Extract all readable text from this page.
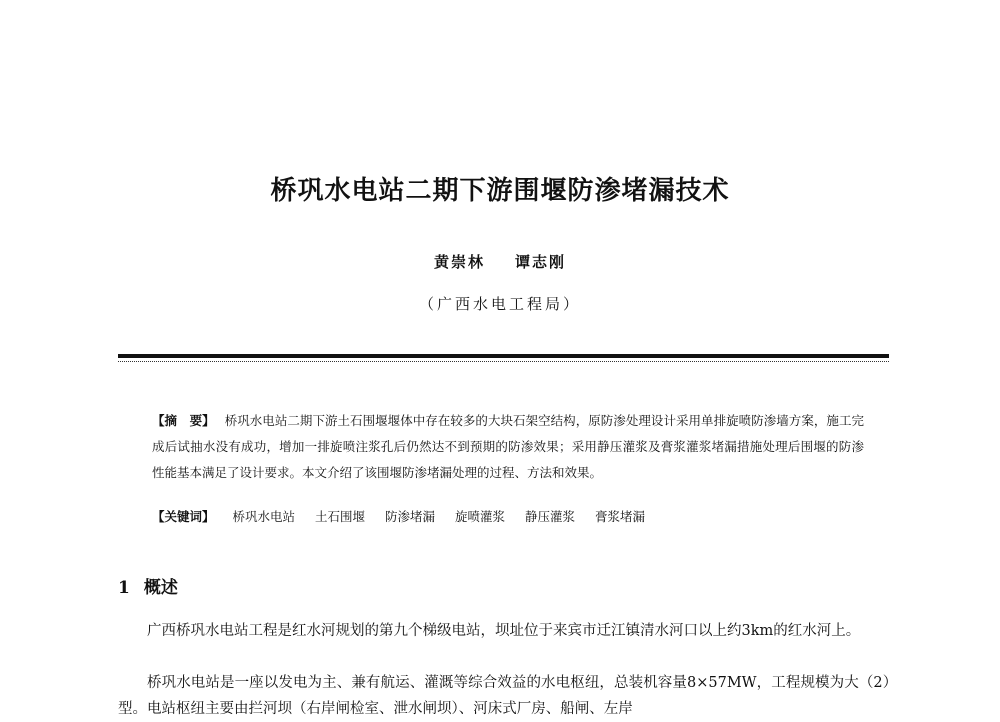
桥巩水电站二期下游围堰防渗堵漏技术
黄崇林 谭志刚
（广西水电工程局）
【摘　要】 桥巩水电站二期下游土石围堰堰体中存在较多的大块石架空结构，原防渗处理设计采用单排旋喷防渗墙方案，施工完成后试抽水没有成功，增加一排旋喷注浆孔后仍然达不到预期的防渗效果；采用静压灌浆及膏浆灌浆堵漏措施处理后围堰的防渗性能基本满足了设计要求。本文介绍了该围堰防渗堵漏处理的过程、方法和效果。
【关键词】 桥巩水电站 土石围堰 防渗堵漏 旋喷灌浆 静压灌浆 膏浆堵漏
1 概述
广西桥巩水电站工程是红水河规划的第九个梯级电站，坝址位于来宾市迁江镇清水河口以上约3km的红水河上。
桥巩水电站是一座以发电为主、兼有航运、灌溉等综合效益的水电枢纽，总装机容量8×57MW，工程规模为大（2）型。电站枢纽主要由拦河坝（右岸闸检室、泄水闸坝）、河床式厂房、船闸、左岸
